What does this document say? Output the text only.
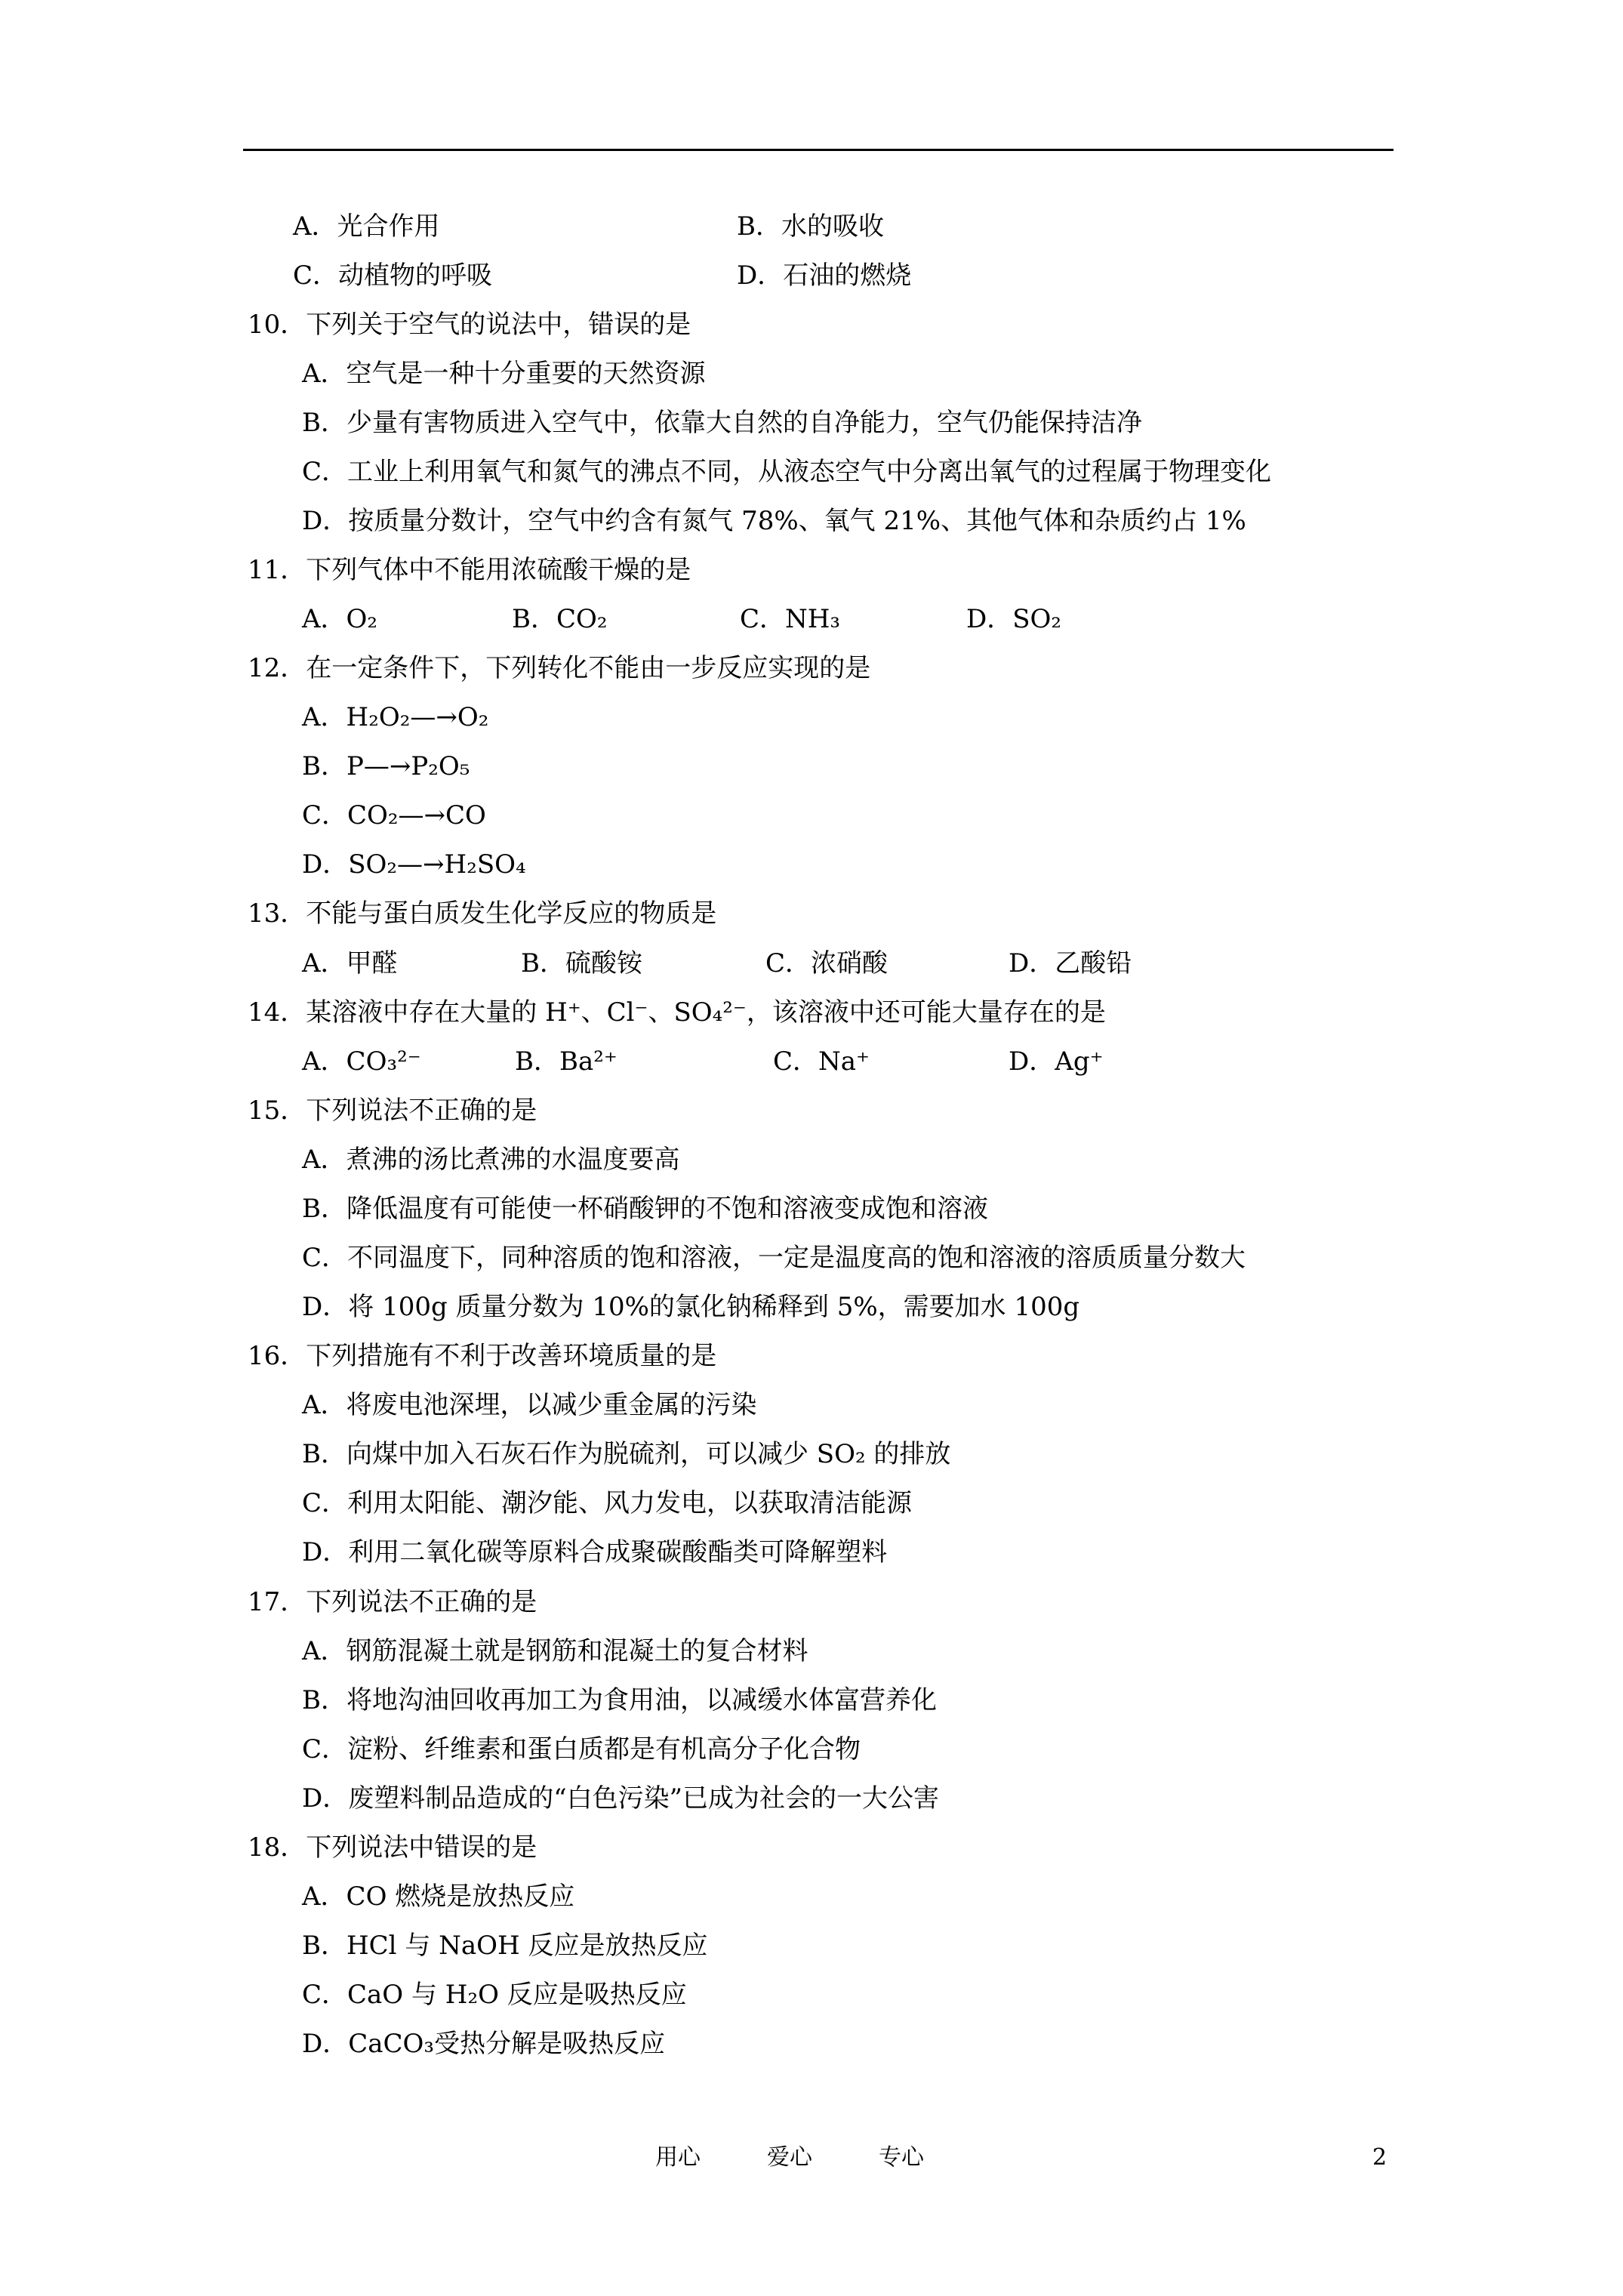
A．光合作用	B．水的吸收
C．动植物的呼吸	D．石油的燃烧
10．下列关于空气的说法中，错误的是
A．空气是一种十分重要的天然资源
B．少量有害物质进入空气中，依靠大自然的自净能力，空气仍能保持洁净
C．工业上利用氧气和氮气的沸点不同，从液态空气中分离出氧气的过程属于物理变化
D．按质量分数计，空气中约含有氮气 78%、氧气 21%、其他气体和杂质约占 1%
11．下列气体中不能用浓硫酸干燥的是
A．O₂	B．CO₂	C．NH₃	D．SO₂
12．在一定条件下，下列转化不能由一步反应实现的是
A．H₂O₂—→O₂
B．P—→P₂O₅
C．CO₂—→CO
D．SO₂—→H₂SO₄
13．不能与蛋白质发生化学反应的物质是
A．甲醛	B．硫酸铵	C．浓硝酸	D．乙酸铅
14．某溶液中存在大量的 H⁺、Cl⁻、SO₄²⁻，该溶液中还可能大量存在的是
A．CO₃²⁻	B．Ba²⁺	C．Na⁺	D．Ag⁺
15．下列说法不正确的是
A．煮沸的汤比煮沸的水温度要高
B．降低温度有可能使一杯硝酸钾的不饱和溶液变成饱和溶液
C．不同温度下，同种溶质的饱和溶液，一定是温度高的饱和溶液的溶质质量分数大
D．将 100g 质量分数为 10%的氯化钠稀释到 5%，需要加水 100g
16．下列措施有不利于改善环境质量的是
A．将废电池深埋，以减少重金属的污染
B．向煤中加入石灰石作为脱硫剂，可以减少 SO₂ 的排放
C．利用太阳能、潮汐能、风力发电，以获取清洁能源
D．利用二氧化碳等原料合成聚碳酸酯类可降解塑料
17．下列说法不正确的是
A．钢筋混凝土就是钢筋和混凝土的复合材料
B．将地沟油回收再加工为食用油，以减缓水体富营养化
C．淀粉、纤维素和蛋白质都是有机高分子化合物
D．废塑料制品造成的“白色污染”已成为社会的一大公害
18．下列说法中错误的是
A．CO 燃烧是放热反应
B．HCl 与 NaOH 反应是放热反应
C．CaO 与 H₂O 反应是吸热反应
D．CaCO₃受热分解是吸热反应
用心	爱心	专心	2
